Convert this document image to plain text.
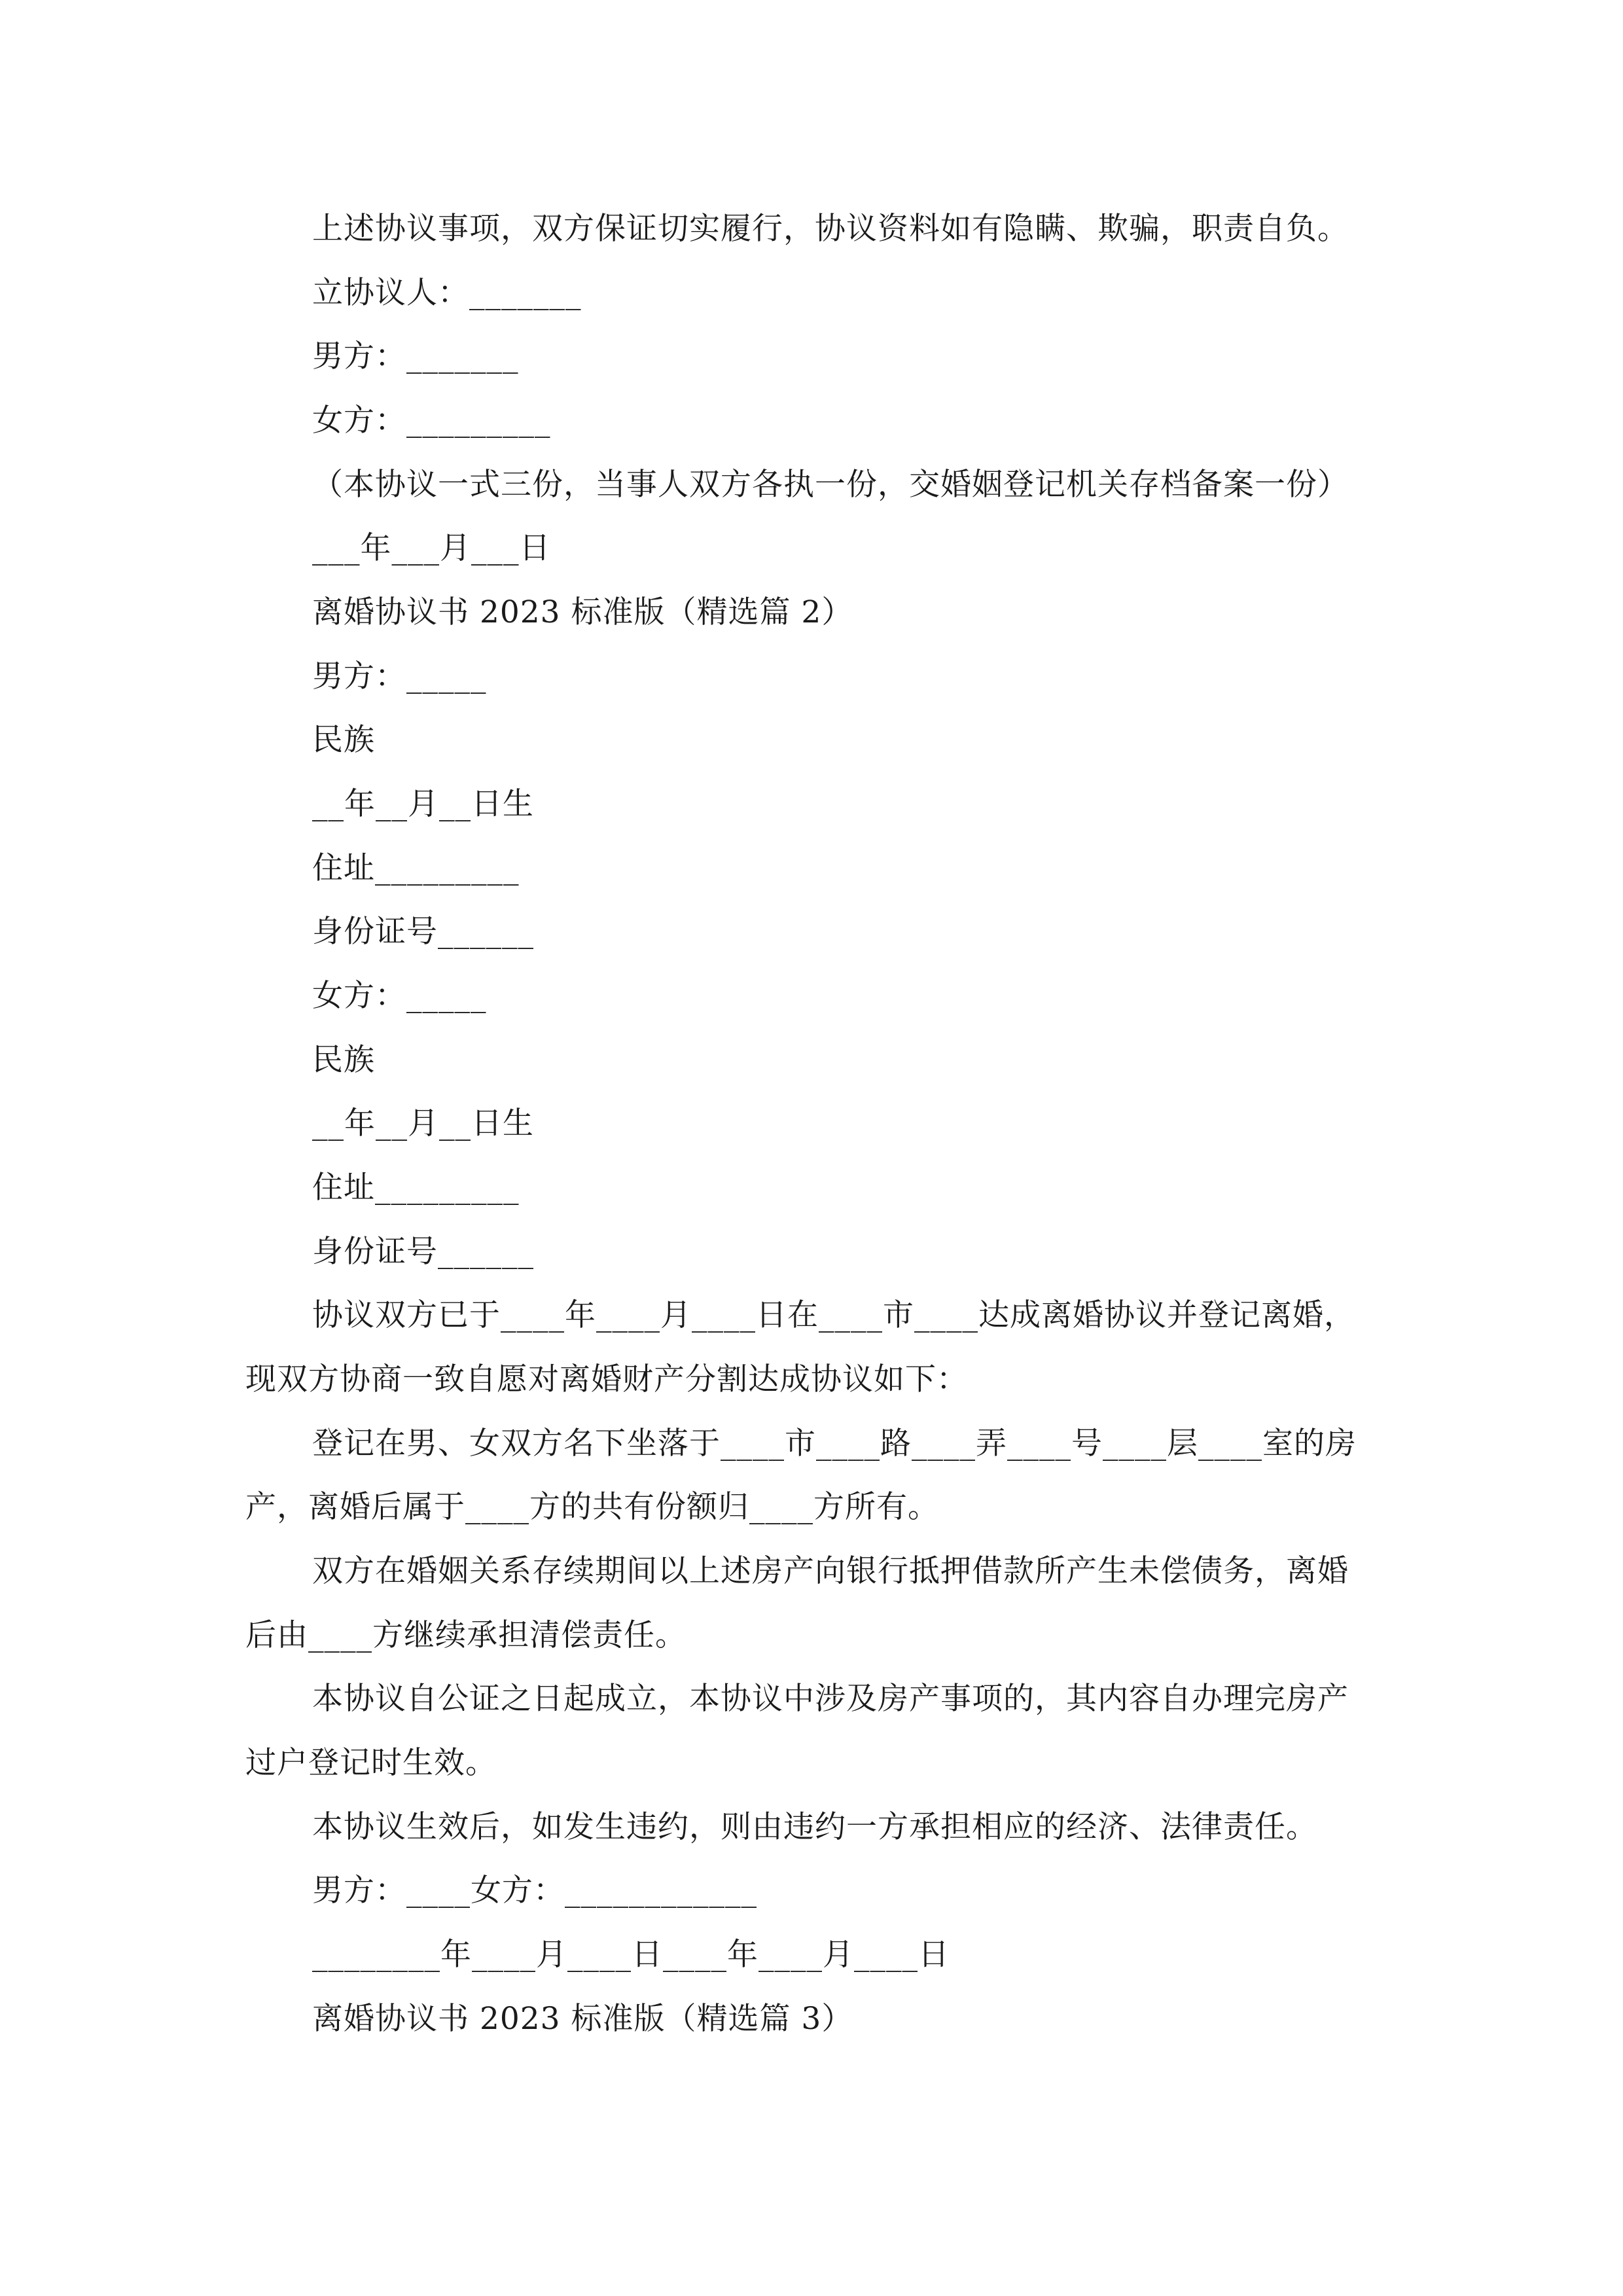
上述协议事项，双方保证切实履行，协议资料如有隐瞒、欺骗，职责自负。
立协议人：_______
男方：_______
女方：_________
（本协议一式三份，当事人双方各执一份，交婚姻登记机关存档备案一份）
___年___月___日
离婚协议书 2023 标准版（精选篇 2）
男方：_____
民族
__年__月__日生
住址_________
身份证号______
女方：_____
民族
__年__月__日生
住址_________
身份证号______
协议双方已于____年____月____日在____市____达成离婚协议并登记离婚，
现双方协商一致自愿对离婚财产分割达成协议如下：
登记在男、女双方名下坐落于____市____路____弄____号____层____室的房
产，离婚后属于____方的共有份额归____方所有。
双方在婚姻关系存续期间以上述房产向银行抵押借款所产生未偿债务，离婚
后由____方继续承担清偿责任。
本协议自公证之日起成立，本协议中涉及房产事项的，其内容自办理完房产
过户登记时生效。
本协议生效后，如发生违约，则由违约一方承担相应的经济、法律责任。
男方：____女方：____________
________年____月____日____年____月____日
离婚协议书 2023 标准版（精选篇 3）
